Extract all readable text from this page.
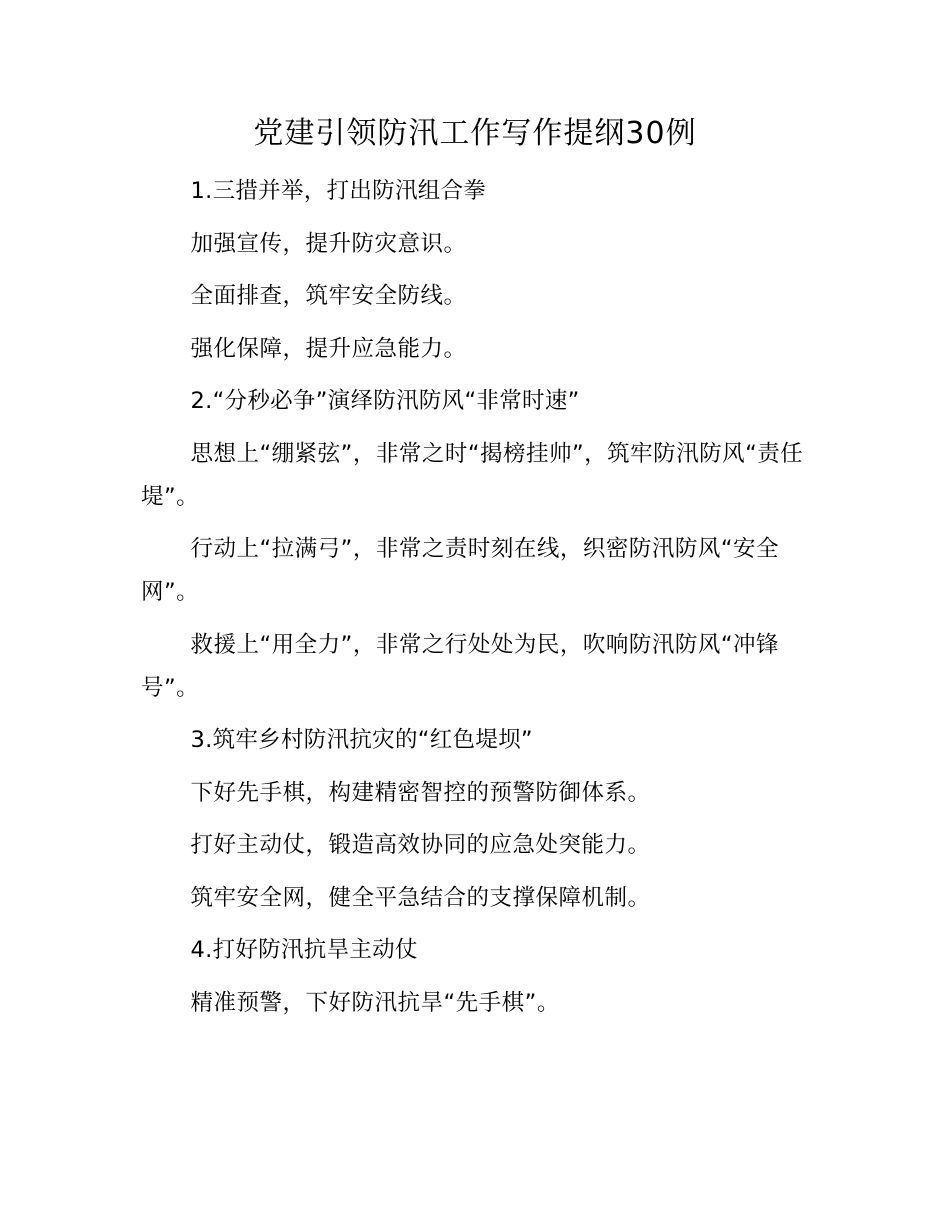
党建引领防汛工作写作提纲30例

1.三措并举，打出防汛组合拳

加强宣传，提升防灾意识。

全面排查，筑牢安全防线。

强化保障，提升应急能力。

2.“分秒必争”演绎防汛防风“非常时速”

思想上“绷紧弦”，非常之时“揭榜挂帅”，筑牢防汛防风“责任堤”。

行动上“拉满弓”，非常之责时刻在线，织密防汛防风“安全网”。

救援上“用全力”，非常之行处处为民，吹响防汛防风“冲锋号”。

3.筑牢乡村防汛抗灾的“红色堤坝”

下好先手棋，构建精密智控的预警防御体系。

打好主动仗，锻造高效协同的应急处突能力。

筑牢安全网，健全平急结合的支撑保障机制。

4.打好防汛抗旱主动仗

精准预警，下好防汛抗旱“先手棋”。
